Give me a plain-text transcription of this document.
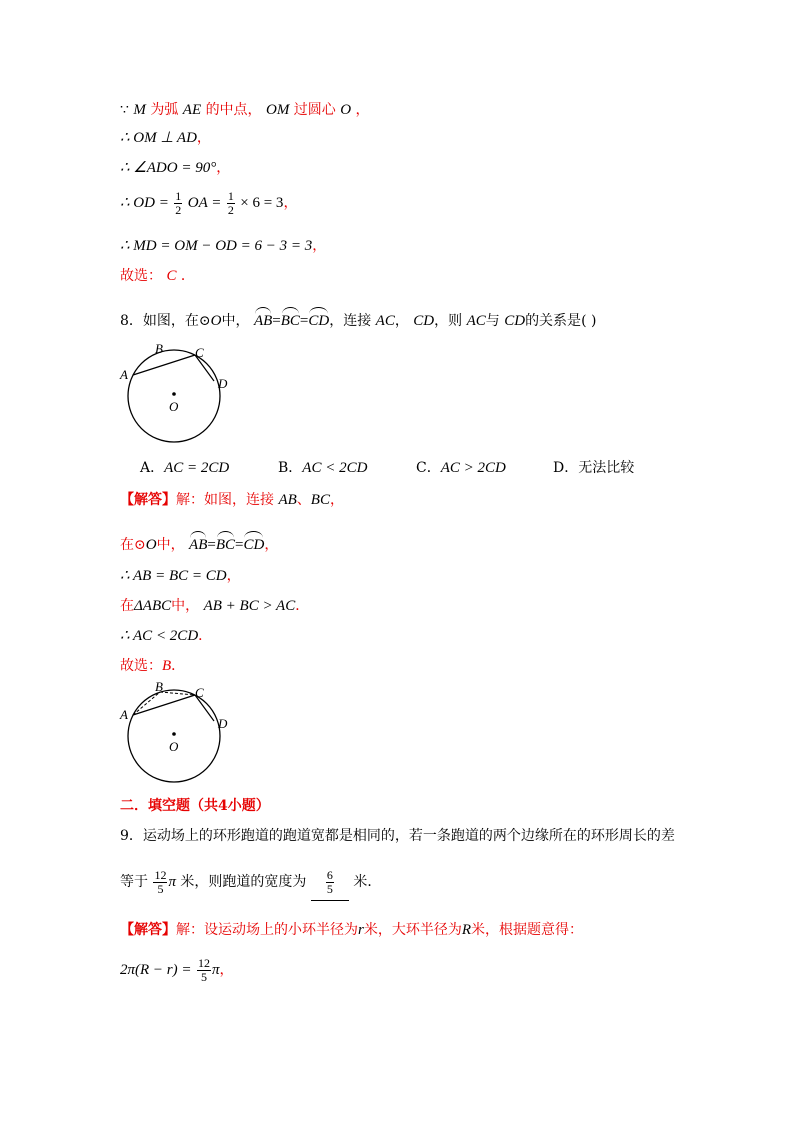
∵ M 为弧 AE 的中点， OM 过圆心 O ，
∴ OM ⊥ AD，
∴ ∠ADO = 90°，
∴ OD = $\frac{1}{2}$ OA = $\frac{1}{2} \times 6 = 3$，
∴ MD = OM − OD = 6 − 3 = 3，
故选： C ．
8．如图，在⊙O中， AB=BC=CD，连接 AC， CD，则 AC与 CD的关系是( )
A
B C
D
O
A．AC = 2CD	B．AC < 2CD	C．AC > 2CD	D．无法比较
【解答】解：如图，连接 AB、BC，
在⊙O中， AB=BC=CD，
∴ AB = BC = CD，
在ΔABC中， AB + BC > AC．
∴ AC < 2CD．
故选：B．
A
B C
D
O
二．填空题（共4小题）
9．运动场上的环形跑道的跑道宽都是相同的，若一条跑道的两个边缘所在的环形周长的差
等于 $\frac{12}{5}$ π 米，则跑道的宽度为    $\frac{6}{5}$
   米．
【解答】解：设运动场上的小环半径为r米，大环半径为R米，根据题意得：
$2\pi(R - r) = \frac{12}{5}$ π，
